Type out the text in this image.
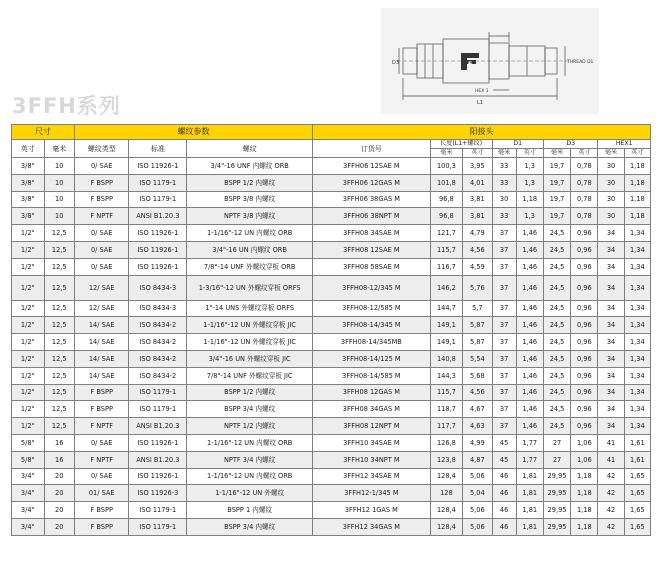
D3	F	THREAD D1
HEX 1
L1
3FFH系列
尺寸		螺纹参数			阳接头								
英寸	毫米	螺纹类型	标准	螺纹	订货号	长度(L1+螺纹)		D1		D3		HEX1	
						毫米	英寸	毫米	英寸	毫米	英寸	毫米	英寸
3/8"	10	0/ SAE	ISO 11926-1	3/4"-16 UNF 内螺纹 ORB	3FFH06 12SAE M	100,3	3,95	33	1,3	19,7	0,78	30	1,18
3/8"	10	F BSPP	ISO 1179-1	BSPP 1/2 内螺纹	3FFH06 12GAS M	101,8	4,01	33	1,3	19,7	0,78	30	1,18
3/8"	10	F BSPP	ISO 1179-1	BSPP 3/8 内螺纹	3FFH06 38GAS M	96,8	3,81	30	1,18	19,7	0,78	30	1,18
3/8"	10	F NPTF	ANSI B1.20.3	NPTF 3/8 内螺纹	3FFH06 38NPT M	96,8	3,81	33	1,3	19,7	0,78	30	1,18
1/2"	12,5	0/ SAE	ISO 11926-1	1-1/16"-12 UN 内螺纹 ORB	3FFH08 34SAE M	121,7	4,79	37	1,46	24,5	0,96	34	1,34
1/2"	12,5	0/ SAE	ISO 11926-1	3/4"-16 UN 内螺纹 ORB	3FFH08 12SAE M	115,7	4,56	37	1,46	24,5	0,96	34	1,34
1/2"	12,5	0/ SAE	ISO 11926-1	7/8"-14 UNF 外螺纹穿板 ORB	3FFH08 58SAE M	116,7	4,59	37	1,46	24,5	0,96	34	1,34
1/2"	12,5	12/ SAE	ISO 8434-3	1-3/16"-12 UN 外螺纹穿板 ORFS	3FFH08-12/345 M	146,2	5,76	37	1,46	24,5	0,96	34	1,34
1/2"	12,5	12/ SAE	ISO 8434-3	1"-14 UNS 外螺纹穿板 ORFS	3FFH08-12/585 M	144,7	5,7	37	1,46	24,5	0,96	34	1,34
1/2"	12,5	14/ SAE	ISO 8434-2	1-1/16"-12 UN 外螺纹穿板 JIC	3FFH08-14/345 M	149,1	5,87	37	1,46	24,5	0,96	34	1,34
1/2"	12,5	14/ SAE	ISO 8434-2	1-1/16"-12 UN 外螺纹穿板 JIC	3FFH08-14/345MB	149,1	5,87	37	1,46	24,5	0,96	34	1,34
1/2"	12,5	14/ SAE	ISO 8434-2	3/4"-16 UN 外螺纹穿板 JIC	3FFH08-14/125 M	140,8	5,54	37	1,46	24,5	0,96	34	1,34
1/2"	12,5	14/ SAE	ISO 8434-2	7/8"-14 UNF 外螺纹穿板 JIC	3FFH08-14/585 M	144,3	5,68	37	1,46	24,5	0,96	34	1,34
1/2"	12,5	F BSPP	ISO 1179-1	BSPP 1/2 内螺纹	3FFH08 12GAS M	115,7	4,56	37	1,46	24,5	0,96	34	1,34
1/2"	12,5	F BSPP	ISO 1179-1	BSPP 3/4 内螺纹	3FFH08 34GAS M	118,7	4,67	37	1,46	24,5	0,96	34	1,34
1/2"	12,5	F NPTF	ANSI B1.20.3	NPTF 1/2 内螺纹	3FFH08 12NPT M	117,7	4,63	37	1,46	24,5	0,96	34	1,34
5/8"	16	0/ SAE	ISO 11926-1	1-1/16"-12 UN 内螺纹 ORB	3FFH10 34SAE M	126,8	4,99	45	1,77	27	1,06	41	1,61
5/8"	16	F NPTF	ANSI B1.20.3	NPTF 3/4 内螺纹	3FFH10 34NPT M	123,8	4,87	45	1,77	27	1,06	41	1,61
3/4"	20	0/ SAE	ISO 11926-1	1-1/16"-12 UN 内螺纹 ORB	3FFH12 34SAE M	128,4	5,06	46	1,81	29,95	1,18	42	1,65
3/4"	20	01/ SAE	ISO 11926-3	1-1/16"-12 UN 外螺纹	3FFH12-1/345 M	128	5,04	46	1,81	29,95	1,18	42	1,65
3/4"	20	F BSPP	ISO 1179-1	BSPP 1 内螺纹	3FFH12 1GAS M	128,4	5,06	46	1,81	29,95	1,18	42	1,65
3/4"	20	F BSPP	ISO 1179-1	BSPP 3/4 内螺纹	3FFH12 34GAS M	128,4	5,06	46	1,81	29,95	1,18	42	1,65
